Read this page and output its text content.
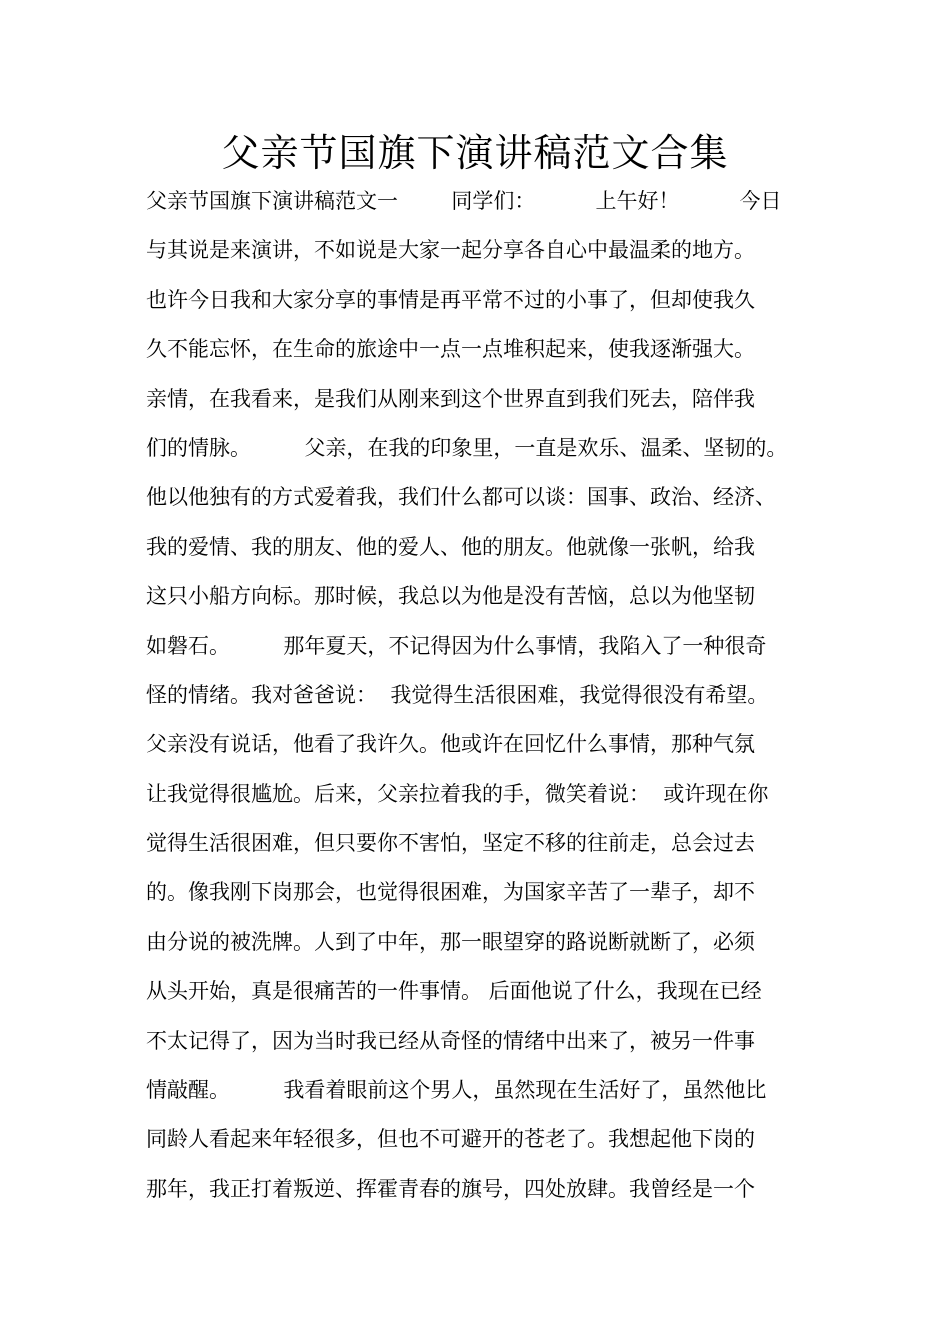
父亲节国旗下演讲稿范文合集
父亲节国旗下演讲稿范文一        同学们：         上午好！         今日
与其说是来演讲，不如说是大家一起分享各自心中最温柔的地方。
也许今日我和大家分享的事情是再平常不过的小事了，但却使我久
久不能忘怀，在生命的旅途中一点一点堆积起来，使我逐渐强大。
亲情，在我看来，是我们从刚来到这个世界直到我们死去，陪伴我
们的情脉。        父亲，在我的印象里，一直是欢乐、温柔、坚韧的。
他以他独有的方式爱着我，我们什么都可以谈：国事、政治、经济、
我的爱情、我的朋友、他的爱人、他的朋友。他就像一张帆，给我
这只小船方向标。那时候，我总以为他是没有苦恼，总以为他坚韧
如磐石。        那年夏天，不记得因为什么事情，我陷入了一种很奇
怪的情绪。我对爸爸说：  我觉得生活很困难，我觉得很没有希望。
父亲没有说话，他看了我许久。他或许在回忆什么事情，那种气氛
让我觉得很尴尬。后来，父亲拉着我的手，微笑着说：  或许现在你
觉得生活很困难，但只要你不害怕，坚定不移的往前走，总会过去
的。像我刚下岗那会，也觉得很困难，为国家辛苦了一辈子，却不
由分说的被洗牌。人到了中年，那一眼望穿的路说断就断了，必须
从头开始，真是很痛苦的一件事情。 后面他说了什么，我现在已经
不太记得了，因为当时我已经从奇怪的情绪中出来了，被另一件事
情敲醒。        我看着眼前这个男人，虽然现在生活好了，虽然他比
同龄人看起来年轻很多，但也不可避开的苍老了。我想起他下岗的
那年，我正打着叛逆、挥霍青春的旗号，四处放肆。我曾经是一个
